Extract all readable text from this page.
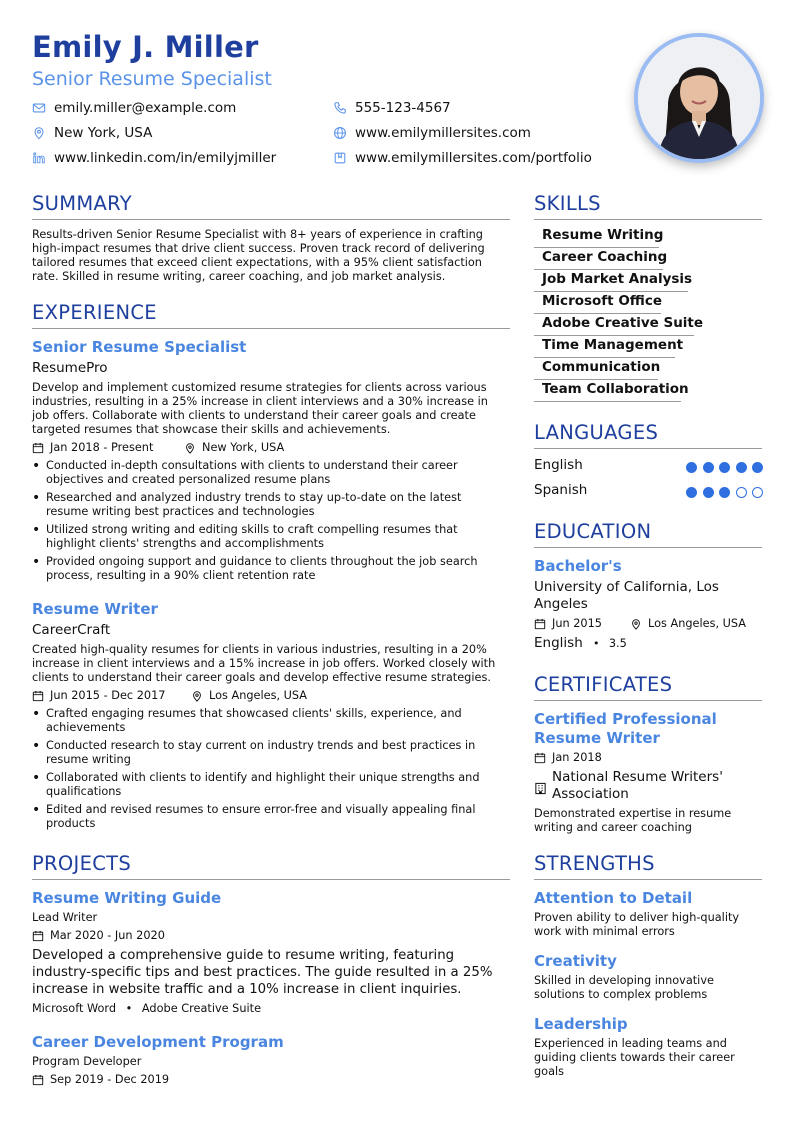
Emily J. Miller
Senior Resume Specialist
emily.miller@example.com	555-123-4567
New York, USA	www.emilymillersites.com
www.linkedin.com/in/emilyjmiller	www.emilymillersites.com/portfolio
SUMMARY
Results-driven Senior Resume Specialist with 8+ years of experience in crafting high-impact resumes that drive client success. Proven track record of delivering tailored resumes that exceed client expectations, with a 95% client satisfaction rate. Skilled in resume writing, career coaching, and job market analysis.
EXPERIENCE
Senior Resume Specialist
ResumePro
Develop and implement customized resume strategies for clients across various industries, resulting in a 25% increase in client interviews and a 30% increase in job offers. Collaborate with clients to understand their career goals and create targeted resumes that showcase their skills and achievements.
Jan 2018 - Present	New York, USA
• Conducted in-depth consultations with clients to understand their career objectives and created personalized resume plans
• Researched and analyzed industry trends to stay up-to-date on the latest resume writing best practices and technologies
• Utilized strong writing and editing skills to craft compelling resumes that highlight clients' strengths and accomplishments
• Provided ongoing support and guidance to clients throughout the job search process, resulting in a 90% client retention rate
Resume Writer
CareerCraft
Created high-quality resumes for clients in various industries, resulting in a 20% increase in client interviews and a 15% increase in job offers. Worked closely with clients to understand their career goals and develop effective resume strategies.
Jun 2015 - Dec 2017	Los Angeles, USA
• Crafted engaging resumes that showcased clients' skills, experience, and achievements
• Conducted research to stay current on industry trends and best practices in resume writing
• Collaborated with clients to identify and highlight their unique strengths and qualifications
• Edited and revised resumes to ensure error-free and visually appealing final products
PROJECTS
Resume Writing Guide
Lead Writer
Mar 2020 - Jun 2020
Developed a comprehensive guide to resume writing, featuring industry-specific tips and best practices. The guide resulted in a 25% increase in website traffic and a 10% increase in client inquiries.
Microsoft Word • Adobe Creative Suite
Career Development Program
Program Developer
Sep 2019 - Dec 2019
SKILLS
Resume Writing
Career Coaching
Job Market Analysis
Microsoft Office
Adobe Creative Suite
Time Management
Communication
Team Collaboration
LANGUAGES
English
Spanish
EDUCATION
Bachelor's
University of California, Los Angeles
Jun 2015	Los Angeles, USA
English • 3.5
CERTIFICATES
Certified Professional Resume Writer
Jan 2018
National Resume Writers' Association
Demonstrated expertise in resume writing and career coaching
STRENGTHS
Attention to Detail
Proven ability to deliver high-quality work with minimal errors
Creativity
Skilled in developing innovative solutions to complex problems
Leadership
Experienced in leading teams and guiding clients towards their career goals
